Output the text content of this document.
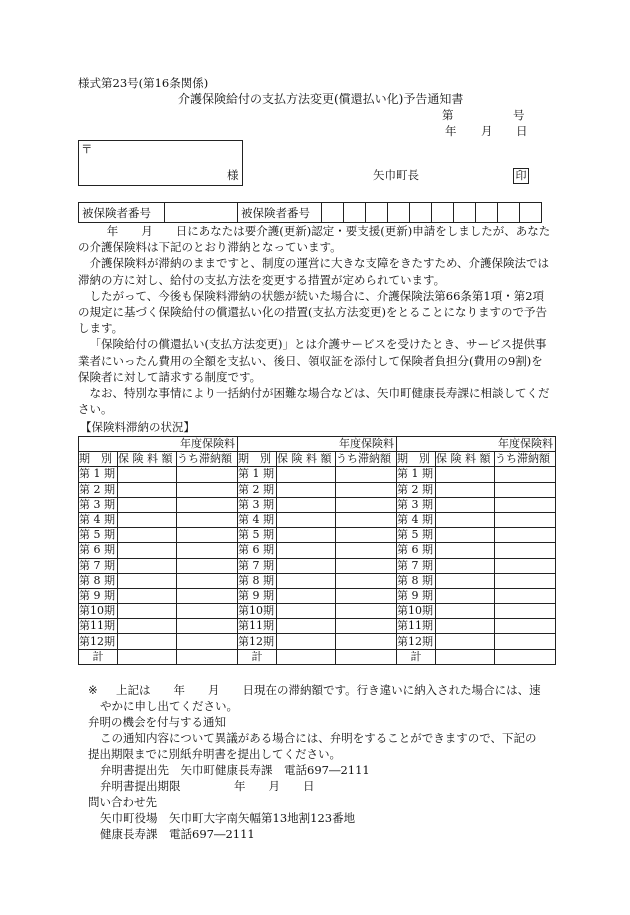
様式第23号(第16条関係)
介護保険給付の支払方法変更(償還払い化)予告通知書
第	号
年 月 日
〒
様	矢巾町長	印
被保険者番号		被保険者番号										

年　　月　　日にあなたは要介護(更新)認定・要支援(更新)申請をしましたが、あなたの介護保険料は下記のとおり滞納となっています。

介護保険料が滞納のままですと、制度の運営に大きな支障をきたすため、介護保険法では滞納の方に対し、給付の支払方法を変更する措置が定められています。

したがって、今後も保険料滞納の状態が続いた場合に、介護保険法第66条第1項・第2項の規定に基づく保険給付の償還払い化の措置(支払方法変更)をとることになりますので予告します。

「保険給付の償還払い(支払方法変更)」とは介護サービスを受けたとき、サービス提供事業者にいったん費用の全額を支払い、後日、領収証を添付して保険者負担分(費用の9割)を保険者に対して請求する制度です。

なお、特別な事情により一括納付が困難な場合などは、矢巾町健康長寿課に相談してください。

【保険料滞納の状況】
年度保険料		
期　別	保 険 料 額	うち滞納額
第 1 期		
第 2 期		
第 3 期		
第 4 期		
第 5 期		
第 6 期		
第 7 期		
第 8 期		
第 9 期		
第10期		
第11期		
第12期		
計		
年度保険料		
期　別	保 険 料 額	うち滞納額
第 1 期		
第 2 期		
第 3 期		
第 4 期		
第 5 期		
第 6 期		
第 7 期		
第 8 期		
第 9 期		
第10期		
第11期		
第12期		
計		
年度保険料		
期　別	保 険 料 額	うち滞納額
第 1 期		
第 2 期		
第 3 期		
第 4 期		
第 5 期		
第 6 期		
第 7 期		
第 8 期		
第 9 期		
第10期		
第11期		
第12期		
計		
※ 上記は　　年　　月　　日現在の滞納額です。行き違いに納入された場合には、速
やかに申し出てください。
弁明の機会を付与する通知
この通知内容について異議がある場合には、弁明をすることができますので、下記の
提出期限までに別紙弁明書を提出してください。
弁明書提出先　矢巾町健康長寿課　電話697―2111
弁明書提出期限	年　　月　　日
問い合わせ先
矢巾町役場　矢巾町大字南矢幅第13地割123番地
健康長寿課　電話697―2111
